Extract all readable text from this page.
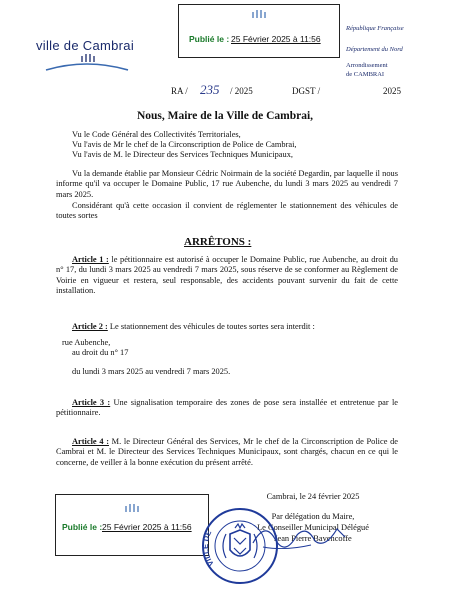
Publié le : 25 Février 2025 à 11:56
ville de Cambrai
République Française
Département du Nord
Arrondissement
de CAMBRAI
RA / 235 / 2025	DGST /	2025
Nous, Maire de la Ville de Cambrai,
Vu le Code Général des Collectivités Territoriales,
Vu l'avis de Mr le chef de la Circonscription de Police de Cambrai,
Vu l'avis de M. le Directeur des Services Techniques Municipaux,
Vu la demande établie par Monsieur Cédric Noirmain de la société Degardin, par laquelle il nous informe qu'il va occuper le Domaine Public, 17 rue Aubenche, du lundi 3 mars 2025 au vendredi 7 mars 2025.
Considérant qu'à cette occasion il convient de réglementer le stationnement des véhicules de toutes sortes
ARRÊTONS :
Article 1 : le pétitionnaire est autorisé à occuper le Domaine Public, rue Aubenche, au droit du n° 17, du lundi 3 mars 2025 au vendredi 7 mars 2025, sous réserve de se conformer au Règlement de Voirie en vigueur et restera, seul responsable, des accidents pouvant survenir du fait de cette installation.
Article 2 : Le stationnement des véhicules de toutes sortes sera interdit :
rue Aubenche,
au droit du n° 17
du lundi 3 mars 2025 au vendredi 7 mars 2025.
Article 3 : Une signalisation temporaire des zones de pose sera installée et entretenue par le pétitionnaire.
Article 4 : M. le Directeur Général des Services, Mr le chef de la Circonscription de Police de Cambrai et M. le Directeur des Services Techniques Municipaux, sont chargés, chacun en ce qui le concerne, de veiller à la bonne exécution du présent arrêté.
Cambrai, le 24 février 2025
Par délégation du Maire,
Le Conseiller Municipal Délégué
Jean Pierre Bavencoffe
Publié le : 25 Février 2025 à 11:56
VILLE DE
